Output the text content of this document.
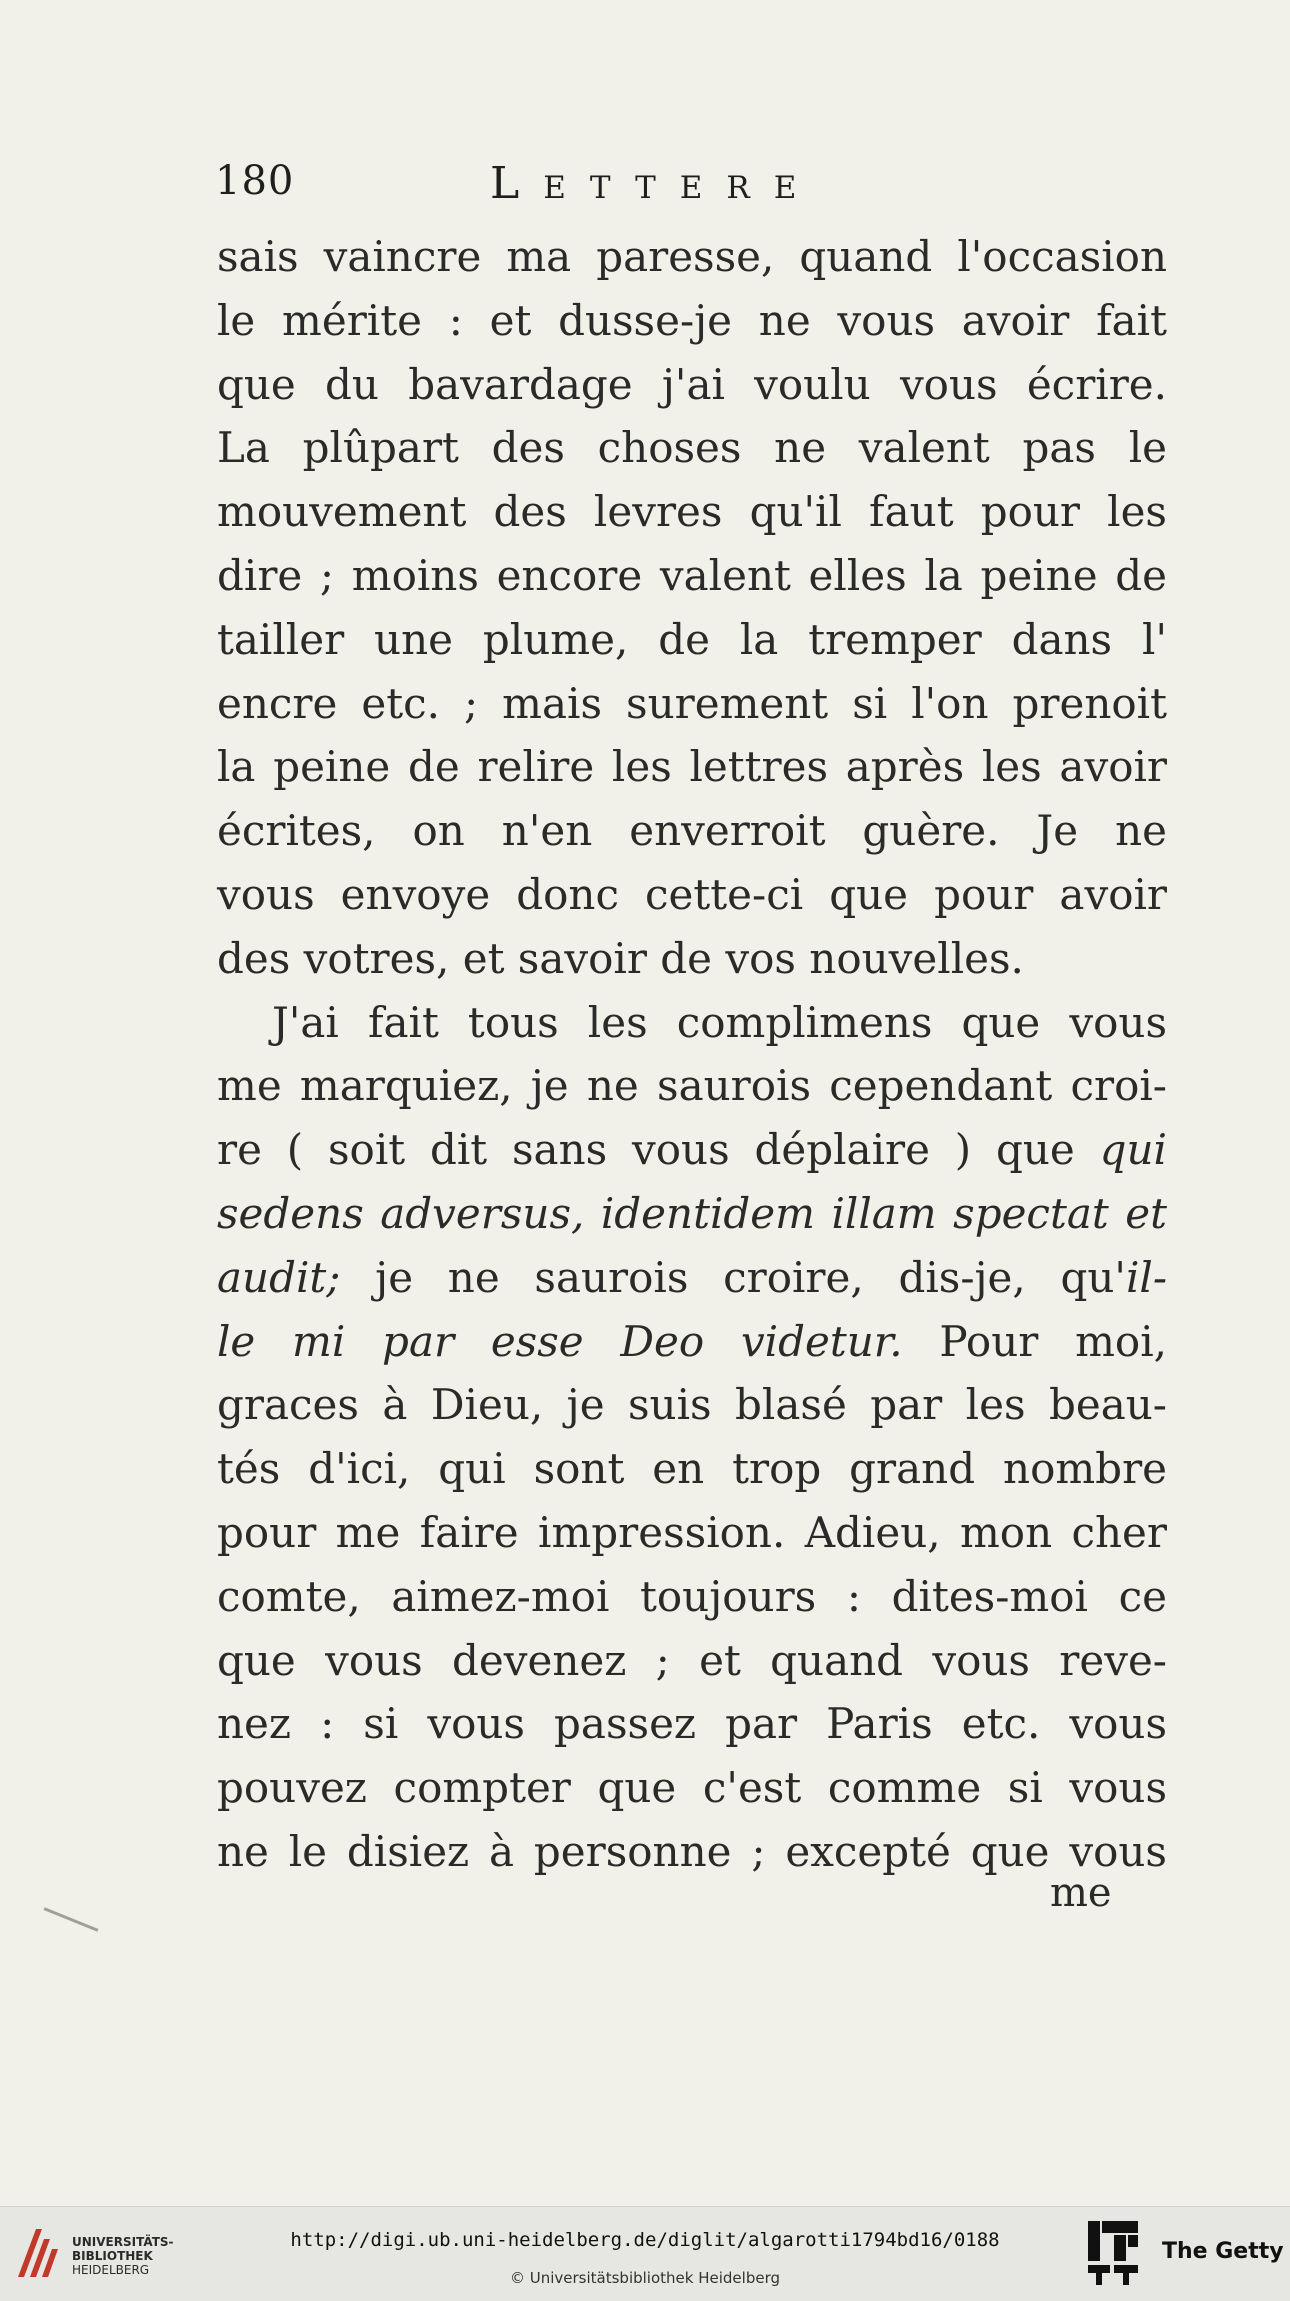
180	Lettere
sais vaincre ma paresse, quand l'occasion
le mérite : et dusse-je ne vous avoir fait
que du bavardage j'ai voulu vous écrire.
La plûpart des choses ne valent pas le
mouvement des levres qu'il faut pour les
dire ; moins encore valent elles la peine de
tailler une plume, de la tremper dans l'
encre etc. ; mais surement si l'on prenoit
la peine de relire les lettres après les avoir
écrites, on n'en enverroit guère. Je ne
vous envoye donc cette-ci que pour avoir
des votres, et savoir de vos nouvelles.
J'ai fait tous les complimens que vous
me marquiez, je ne saurois cependant croi-
re ( soit dit sans vous déplaire ) que qui
sedens adversus, identidem illam spectat et
audit; je ne saurois croire, dis-je, qu'il-
le mi par esse Deo videtur. Pour moi,
graces à Dieu, je suis blasé par les beau-
tés d'ici, qui sont en trop grand nombre
pour me faire impression. Adieu, mon cher
comte, aimez-moi toujours : dites-moi ce
que vous devenez ; et quand vous reve-
nez : si vous passez par Paris etc. vous
pouvez compter que c'est comme si vous
ne le disiez à personne ; excepté que vous
me
UNIVERSITÄTS-
BIBLIOTHEK
HEIDELBERG
http://digi.ub.uni-heidelberg.de/diglit/algarotti1794bd16/0188
© Universitätsbibliothek Heidelberg
The Getty
